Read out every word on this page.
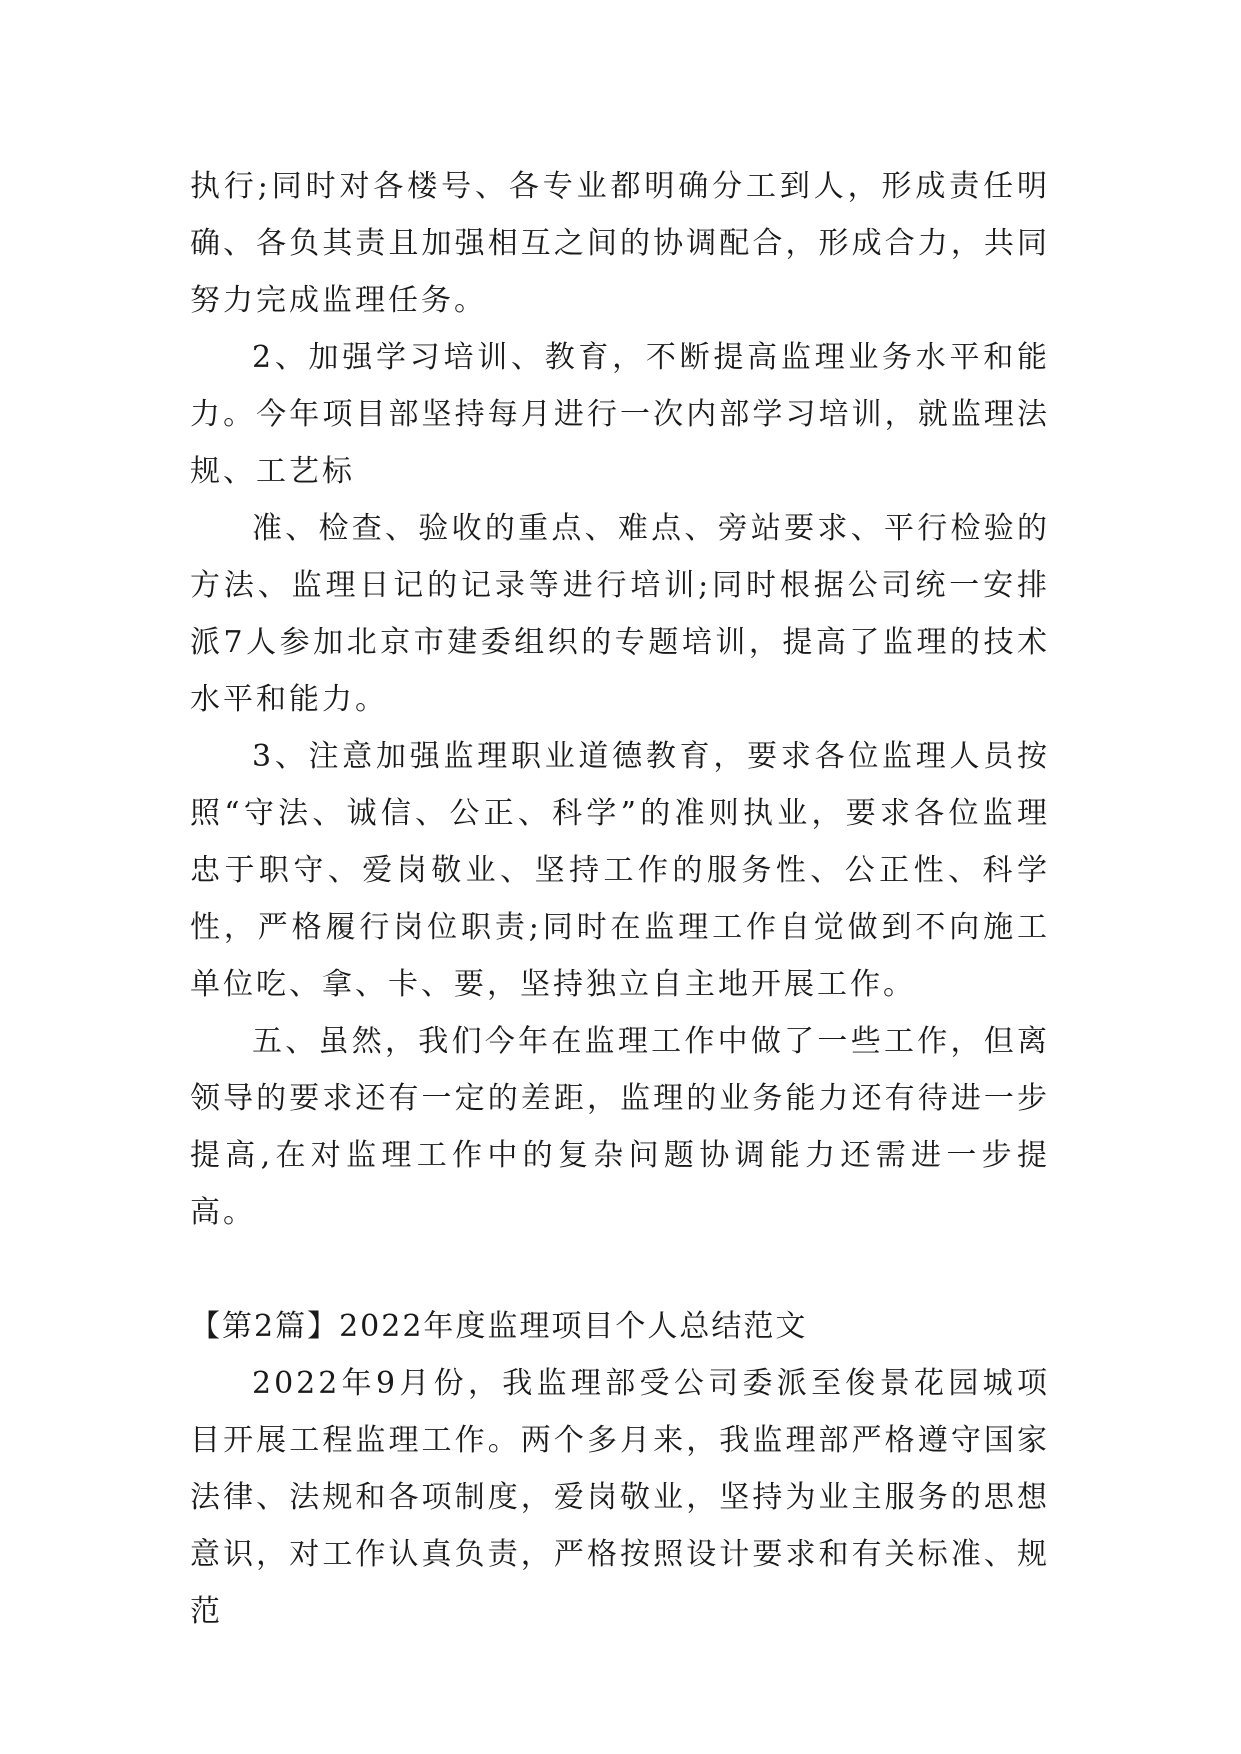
执行;同时对各楼号、各专业都明确分工到人，形成责任明确、各负其责且加强相互之间的协调配合，形成合力，共同努力完成监理任务。

2、加强学习培训、教育，不断提高监理业务水平和能力。今年项目部坚持每月进行一次内部学习培训，就监理法规、工艺标

准、检查、验收的重点、难点、旁站要求、平行检验的方法、监理日记的记录等进行培训;同时根据公司统一安排派7人参加北京市建委组织的专题培训，提高了监理的技术水平和能力。

3、注意加强监理职业道德教育，要求各位监理人员按照“守法、诚信、公正、科学”的准则执业，要求各位监理忠于职守、爱岗敬业、坚持工作的服务性、公正性、科学性，严格履行岗位职责;同时在监理工作自觉做到不向施工单位吃、拿、卡、要，坚持独立自主地开展工作。

五、虽然，我们今年在监理工作中做了一些工作，但离领导的要求还有一定的差距，监理的业务能力还有待进一步提高,在对监理工作中的复杂问题协调能力还需进一步提高。

【第2篇】2022年度监理项目个人总结范文

2022年9月份，我监理部受公司委派至俊景花园城项目开展工程监理工作。两个多月来，我监理部严格遵守国家法律、法规和各项制度，爱岗敬业，坚持为业主服务的思想意识，对工作认真负责，严格按照设计要求和有关标准、规范
